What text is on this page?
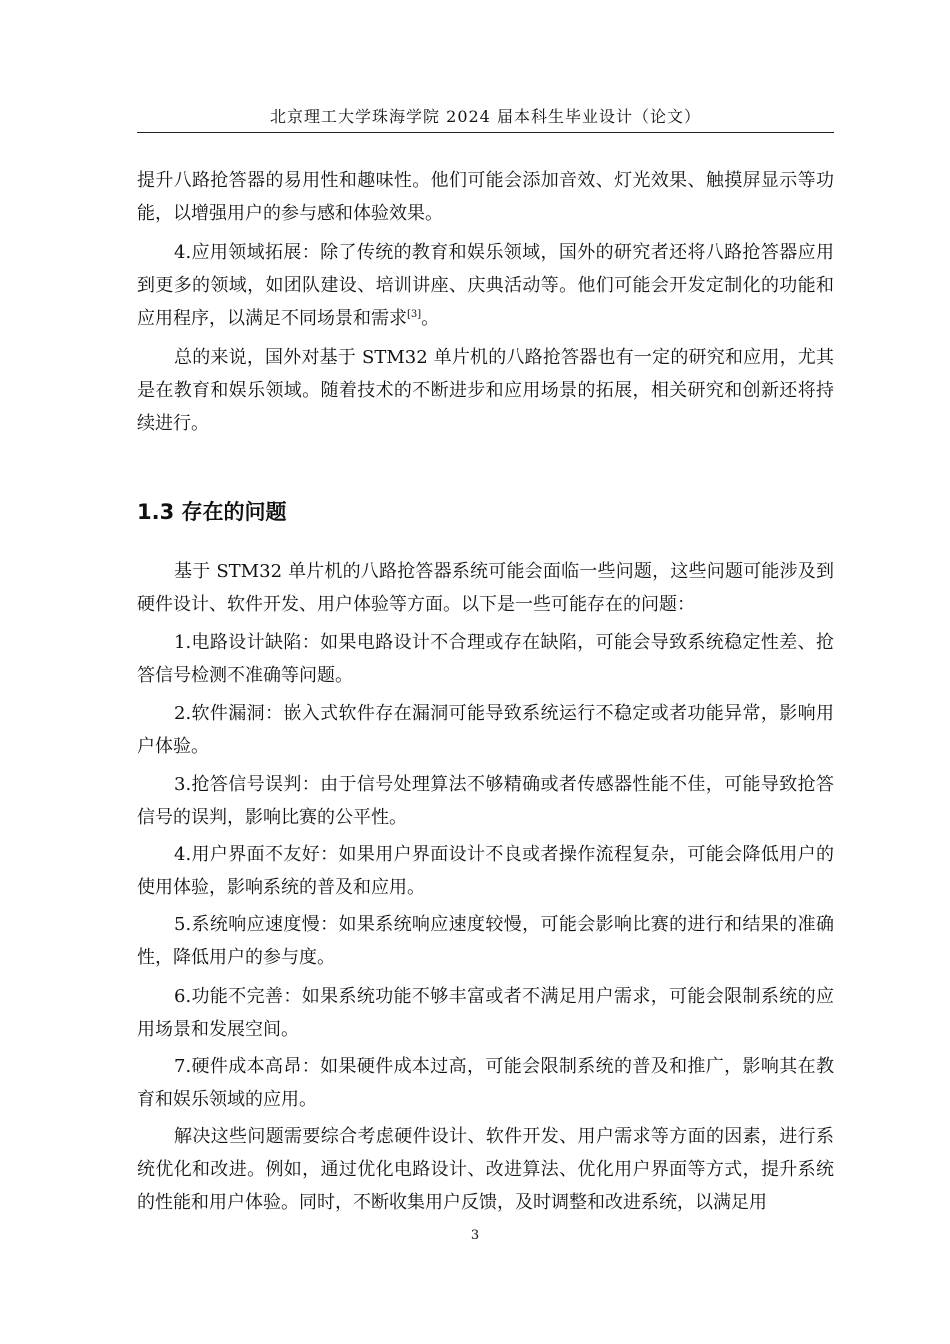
北京理工大学珠海学院 2024 届本科生毕业设计（论文）

提升八路抢答器的易用性和趣味性。他们可能会添加音效、灯光效果、触摸屏显示等功能，以增强用户的参与感和体验效果。

4.应用领域拓展：除了传统的教育和娱乐领域，国外的研究者还将八路抢答器应用到更多的领域，如团队建设、培训讲座、庆典活动等。他们可能会开发定制化的功能和应用程序，以满足不同场景和需求[3]。

总的来说，国外对基于 STM32 单片机的八路抢答器也有一定的研究和应用，尤其是在教育和娱乐领域。随着技术的不断进步和应用场景的拓展，相关研究和创新还将持续进行。

1.3 存在的问题

基于 STM32 单片机的八路抢答器系统可能会面临一些问题，这些问题可能涉及到硬件设计、软件开发、用户体验等方面。以下是一些可能存在的问题：

1.电路设计缺陷：如果电路设计不合理或存在缺陷，可能会导致系统稳定性差、抢答信号检测不准确等问题。

2.软件漏洞：嵌入式软件存在漏洞可能导致系统运行不稳定或者功能异常，影响用户体验。

3.抢答信号误判：由于信号处理算法不够精确或者传感器性能不佳，可能导致抢答信号的误判，影响比赛的公平性。

4.用户界面不友好：如果用户界面设计不良或者操作流程复杂，可能会降低用户的使用体验，影响系统的普及和应用。

5.系统响应速度慢：如果系统响应速度较慢，可能会影响比赛的进行和结果的准确性，降低用户的参与度。

6.功能不完善：如果系统功能不够丰富或者不满足用户需求，可能会限制系统的应用场景和发展空间。

7.硬件成本高昂：如果硬件成本过高，可能会限制系统的普及和推广，影响其在教育和娱乐领域的应用。

解决这些问题需要综合考虑硬件设计、软件开发、用户需求等方面的因素，进行系统优化和改进。例如，通过优化电路设计、改进算法、优化用户界面等方式，提升系统的性能和用户体验。同时，不断收集用户反馈，及时调整和改进系统，以满足用

3
